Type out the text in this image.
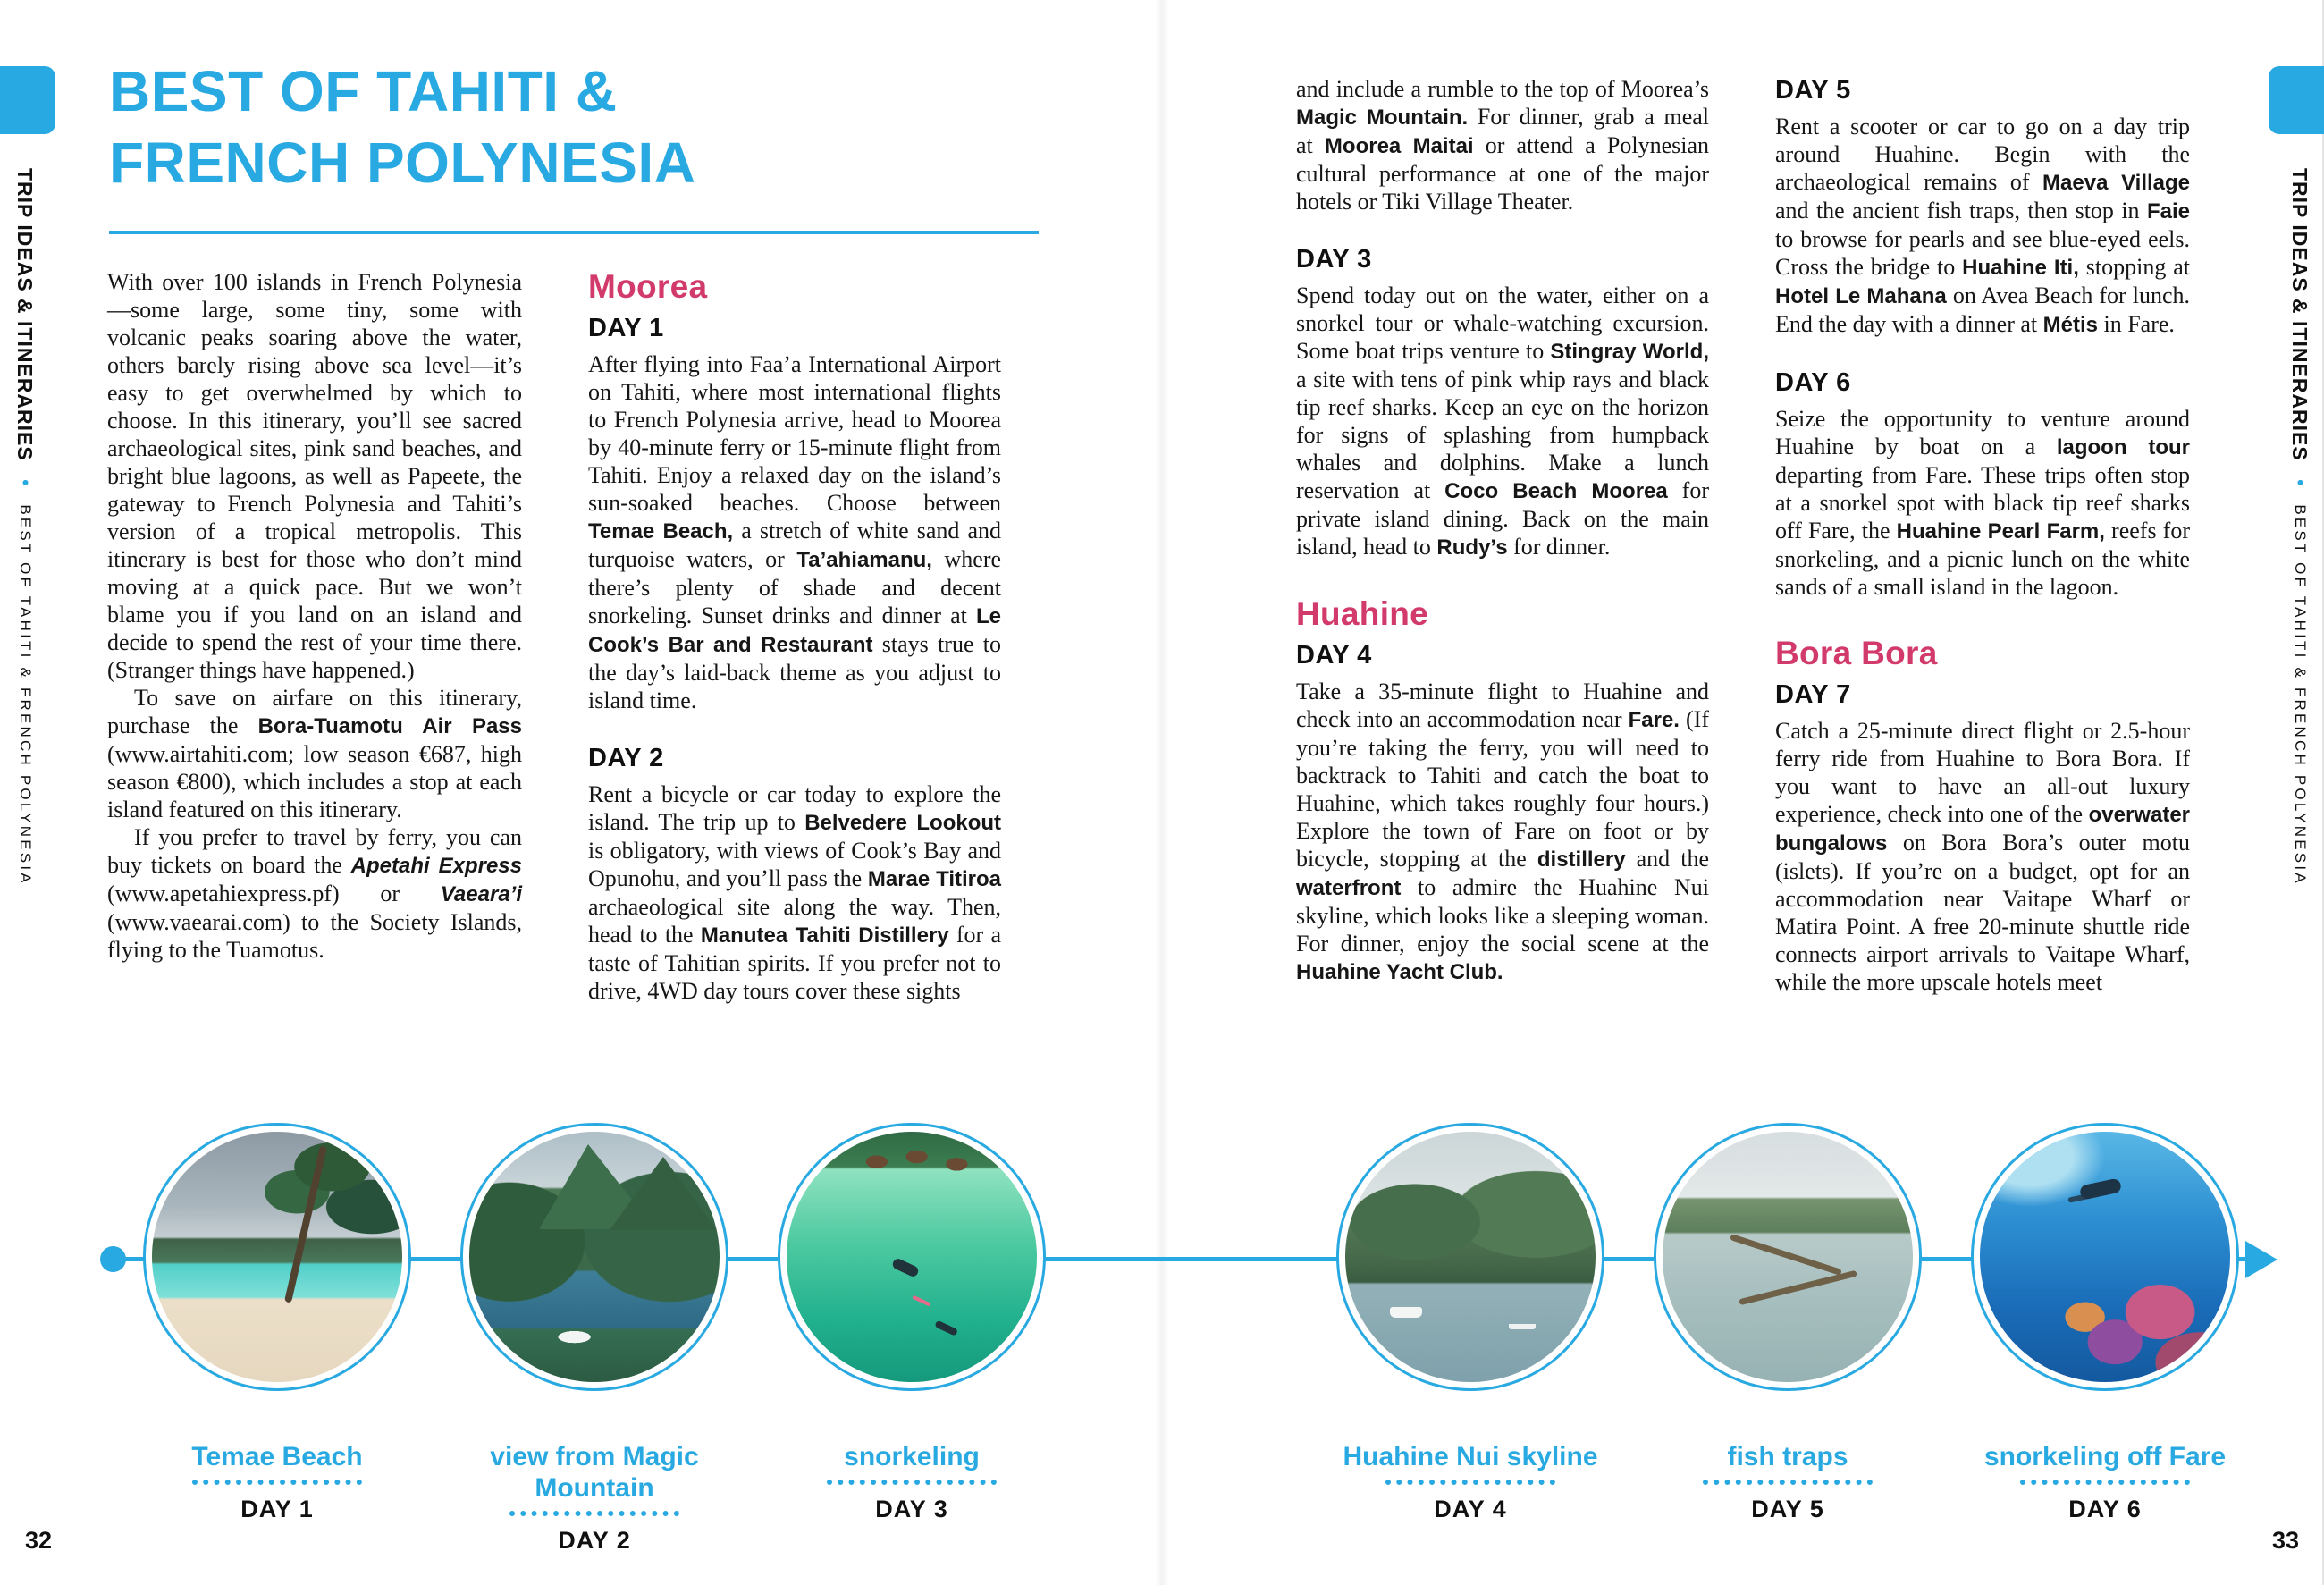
TRIP IDEAS & ITINERARIES • BEST OF TAHITI & FRENCH POLYNESIA
TRIP IDEAS & ITINERARIES • BEST OF TAHITI & FRENCH POLYNESIA
BEST OF TAHITI &
FRENCH POLYNESIA

With over 100 islands in French Polynesia—some large, some tiny, some with volcanic peaks soaring above the water, others barely rising above sea level—it’s easy to get overwhelmed by which to choose. In this itinerary, you’ll see sacred archaeological sites, pink sand beaches, and bright blue lagoons, as well as Papeete, the gateway to French Polynesia and Tahiti’s version of a tropical metropolis. This itinerary is best for those who don’t mind moving at a quick pace. But we won’t blame you if you land on an island and decide to spend the rest of your time there. (Stranger things have happened.)

To save on airfare on this itinerary, purchase the Bora-Tuamotu Air Pass (www.airtahiti.com; low season €687, high season €800), which includes a stop at each island featured on this itinerary.

If you prefer to travel by ferry, you can buy tickets on board the Apetahi Express (www.apetahiexpress.pf) or Vaeara’i (www.vaearai.com) to the Society Islands, flying to the Tuamotus.

Moorea
DAY 1

After flying into Faa’a International Airport on Tahiti, where most international flights to French Polynesia arrive, head to Moorea by 40-minute ferry or 15-minute flight from Tahiti. Enjoy a relaxed day on the island’s sun-soaked beaches. Choose between Temae Beach, a stretch of white sand and turquoise waters, or Ta’ahiamanu, where there’s plenty of shade and decent snorkeling. Sunset drinks and dinner at Le Cook’s Bar and Restaurant stays true to the day’s laid-back theme as you adjust to island time.

DAY 2

Rent a bicycle or car today to explore the island. The trip up to Belvedere Lookout is obligatory, with views of Cook’s Bay and Opunohu, and you’ll pass the Marae Titiroa archaeological site along the way. Then, head to the Manutea Tahiti Distillery for a taste of Tahitian spirits. If you prefer not to drive, 4WD day tours cover these sights

and include a rumble to the top of Moorea’s Magic Mountain. For dinner, grab a meal at Moorea Maitai or attend a Polynesian cultural performance at one of the major hotels or Tiki Village Theater.

DAY 3

Spend today out on the water, either on a snorkel tour or whale-watching excursion. Some boat trips venture to Stingray World, a site with tens of pink whip rays and black tip reef sharks. Keep an eye on the horizon for signs of splashing from humpback whales and dolphins. Make a lunch reservation at Coco Beach Moorea for private island dining. Back on the main island, head to Rudy’s for dinner.

Huahine
DAY 4

Take a 35-minute flight to Huahine and check into an accommodation near Fare. (If you’re taking the ferry, you will need to backtrack to Tahiti and catch the boat to Huahine, which takes roughly four hours.) Explore the town of Fare on foot or by bicycle, stopping at the distillery and the waterfront to admire the Huahine Nui skyline, which looks like a sleeping woman. For dinner, enjoy the social scene at the Huahine Yacht Club.

DAY 5

Rent a scooter or car to go on a day trip around Huahine. Begin with the archaeological remains of Maeva Village and the ancient fish traps, then stop in Faie to browse for pearls and see blue-eyed eels. Cross the bridge to Huahine Iti, stopping at Hotel Le Mahana on Avea Beach for lunch. End the day with a dinner at Métis in Fare.

DAY 6

Seize the opportunity to venture around Huahine by boat on a lagoon tour departing from Fare. These trips often stop at a snorkel spot with black tip reef sharks off Fare, the Huahine Pearl Farm, reefs for snorkeling, and a picnic lunch on the white sands of a small island in the lagoon.

Bora Bora
DAY 7

Catch a 25-minute direct flight or 2.5-hour ferry ride from Huahine to Bora Bora. If you want to have an all-out luxury experience, check into one of the overwater bungalows on Bora Bora’s outer motu (islets). If you’re on a budget, opt for an accommodation near Vaitape Wharf or Matira Point. A free 20-minute shuttle ride connects airport arrivals to Vaitape Wharf, while the more upscale hotels meet

Temae Beach
DAY 1
view from Magic Mountain
DAY 2
snorkeling
DAY 3
Huahine Nui skyline
DAY 4
fish traps
DAY 5
snorkeling off Fare
DAY 6
32	33
